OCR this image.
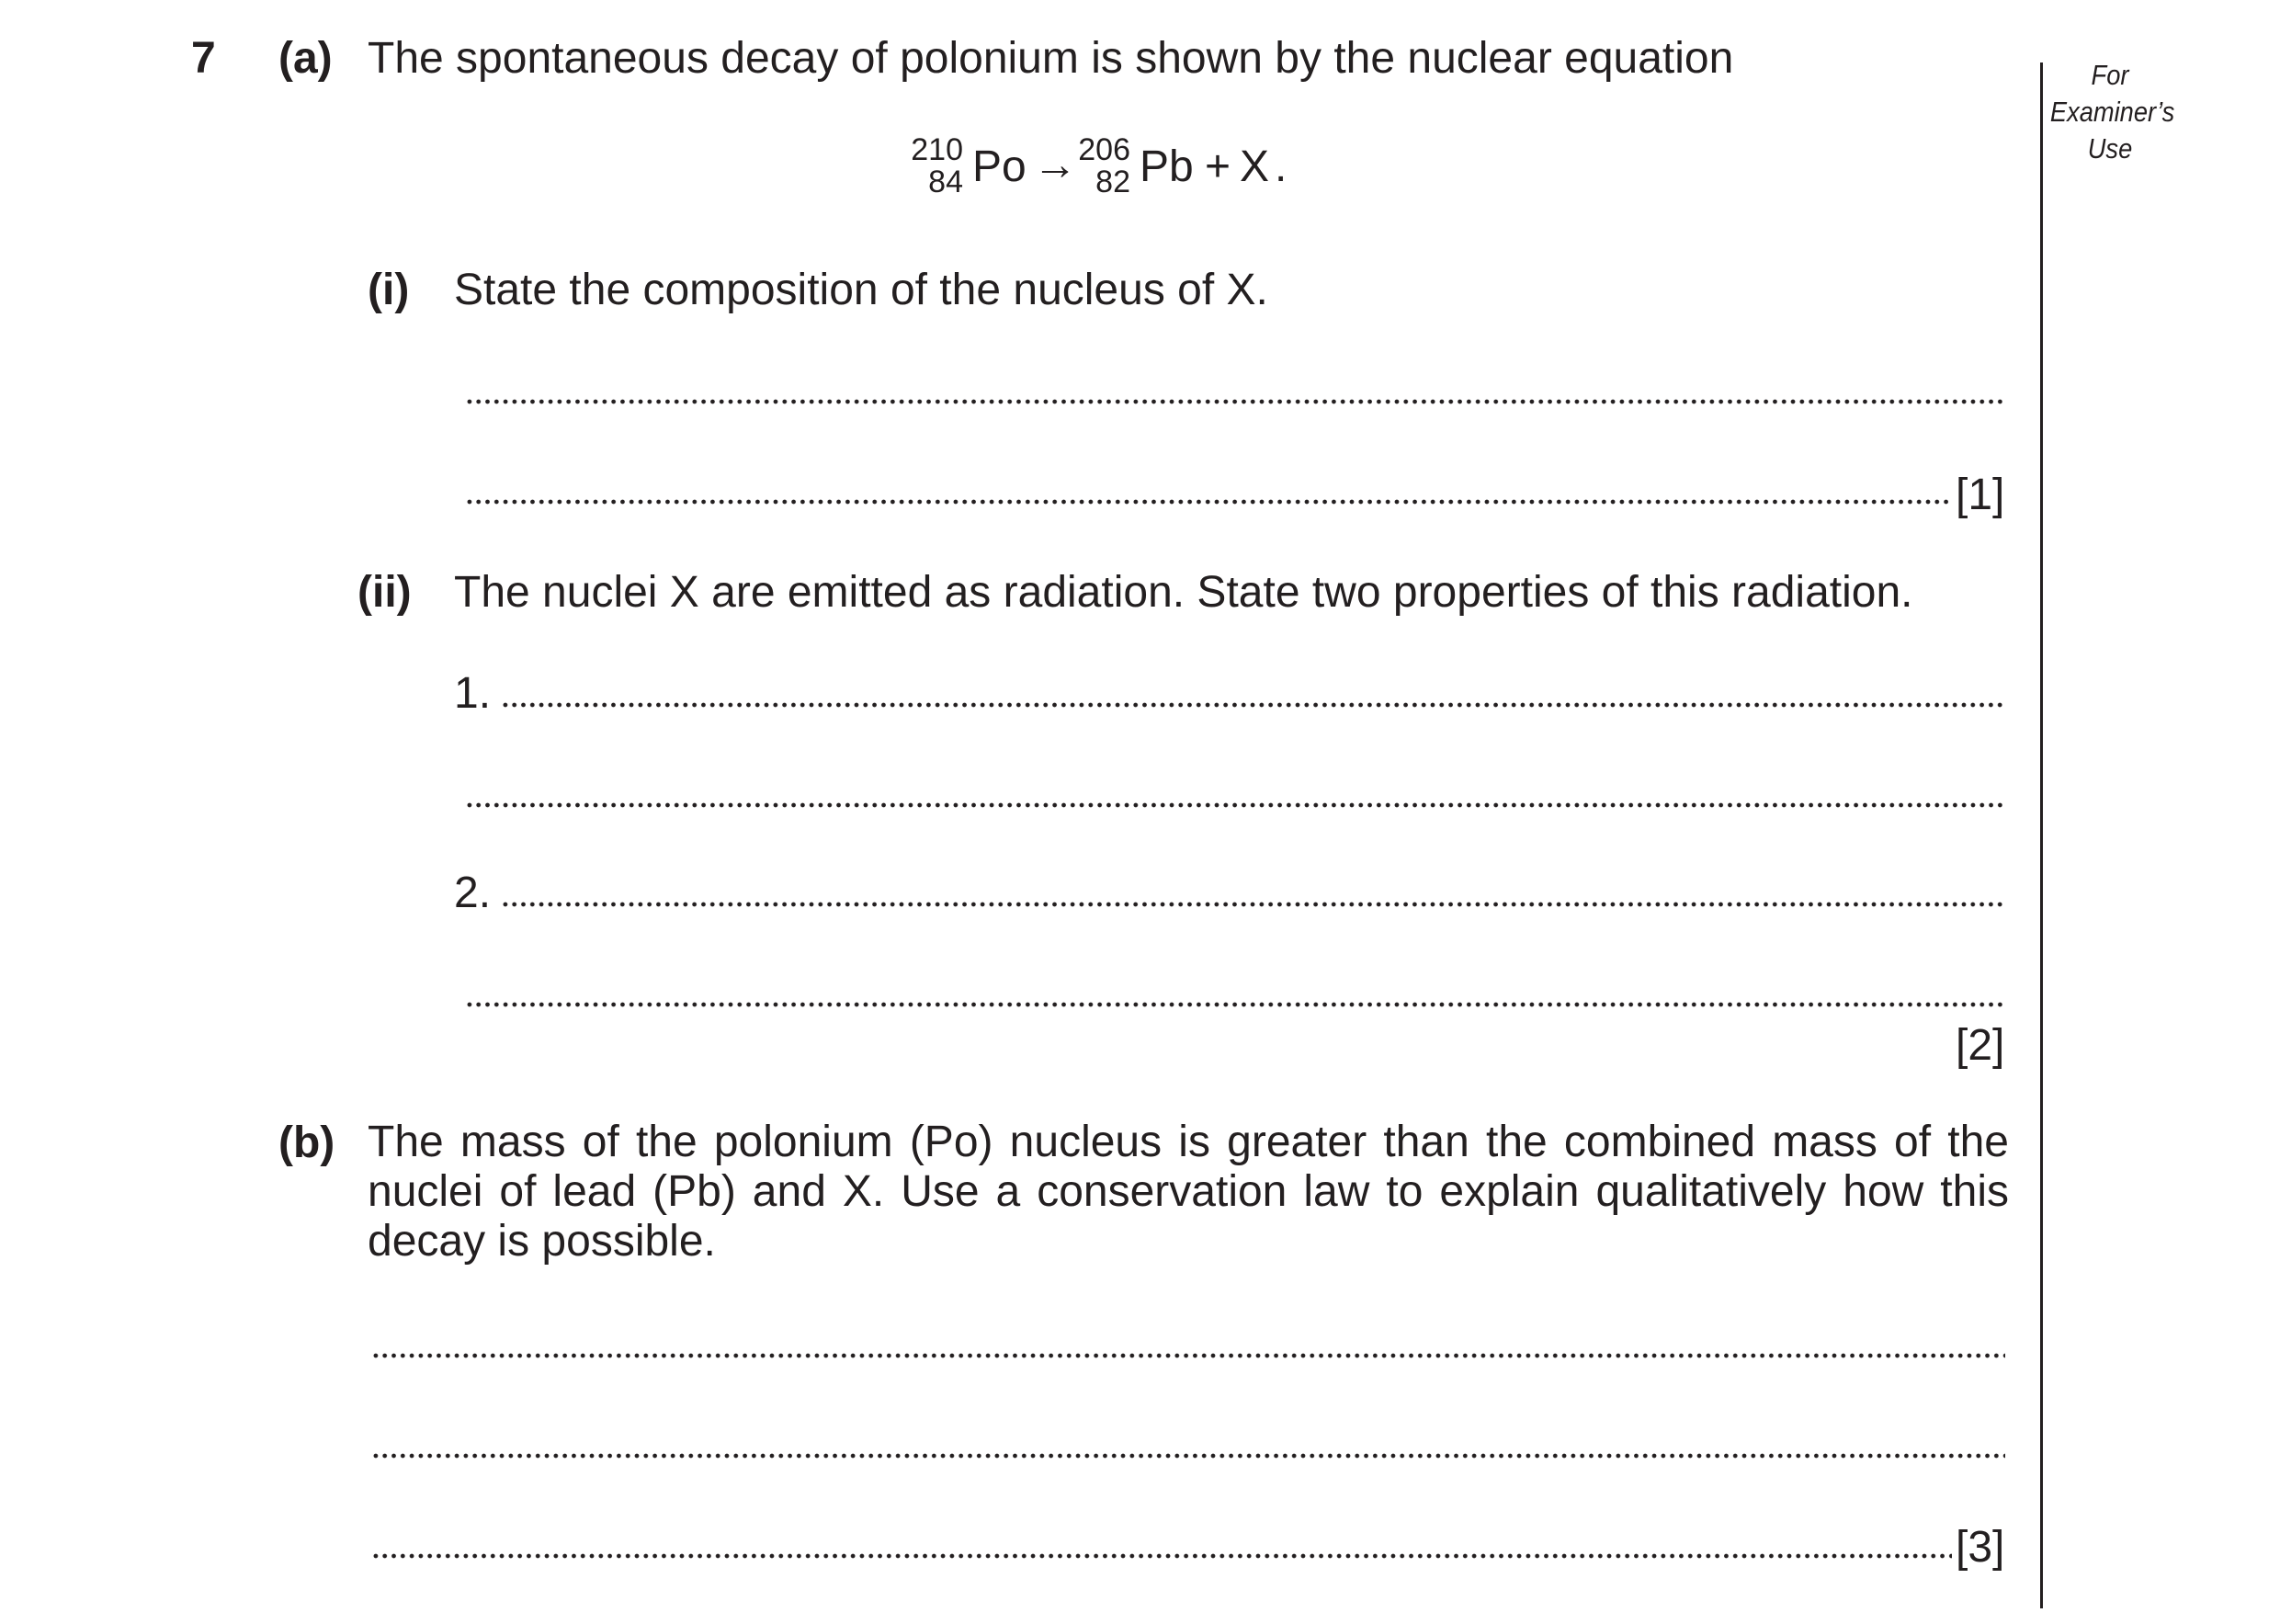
For
Examiner’s
Use
7 (a) The spontaneous decay of polonium is shown by the nuclear equation
210
84 Po → 206
82 Pb + X .
(i) State the composition of the nucleus of X.
[1]
(ii) The nuclei X are emitted as radiation. State two properties of this radiation.
1.
2.
[2]
(b) The mass of the polonium (Po) nucleus is greater than the combined mass of the nuclei of lead (Pb) and X. Use a conservation law to explain qualitatively how this decay is possible.
[3]
